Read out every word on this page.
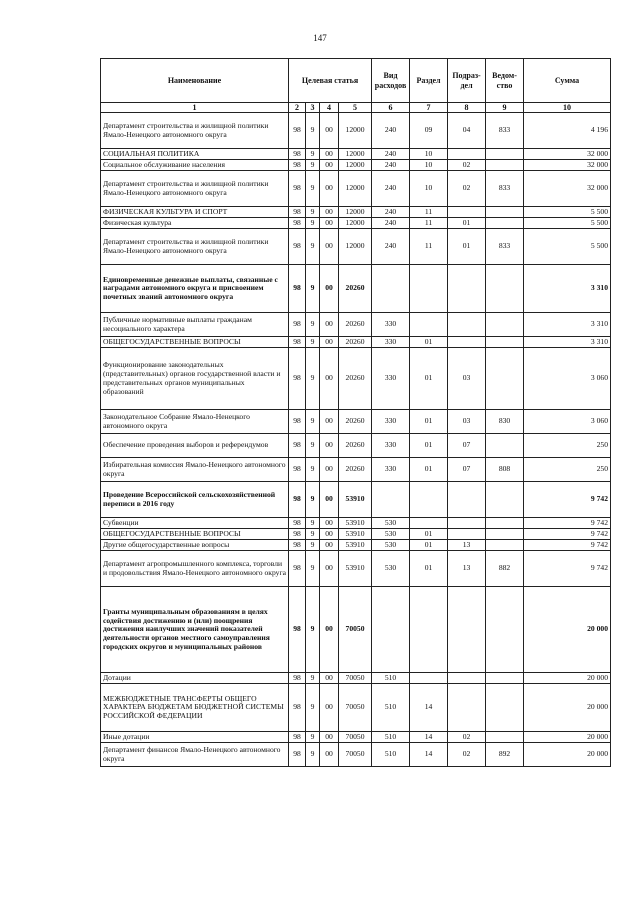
147
Наименование	Целевая статья				Вид расходов	Раздел	Подраз-дел	Ведом-ство	Сумма
1	2	3	4	5	6	7	8	9	10
Департамент строительства и жилищной политики Ямало-Ненецкого автономного округа	98	9	00	12000	240	09	04	833	4 196
СОЦИАЛЬНАЯ ПОЛИТИКА	98	9	00	12000	240	10			32 000
Социальное обслуживание населения	98	9	00	12000	240	10	02		32 000
Департамент строительства и жилищной политики Ямало-Ненецкого автономного округа	98	9	00	12000	240	10	02	833	32 000
ФИЗИЧЕСКАЯ КУЛЬТУРА И СПОРТ	98	9	00	12000	240	11			5 500
Физическая культура	98	9	00	12000	240	11	01		5 500
Департамент строительства и жилищной политики Ямало-Ненецкого автономного округа	98	9	00	12000	240	11	01	833	5 500
Единовременные денежные выплаты, связанные с наградами автономного округа и присвоением почетных званий автономного округа	98	9	00	20260					3 310
Публичные нормативные выплаты гражданам несоциального характера	98	9	00	20260	330				3 310
ОБЩЕГОСУДАРСТВЕННЫЕ ВОПРОСЫ	98	9	00	20260	330	01			3 310
Функционирование законодательных (представительных) органов государственной власти и представительных органов муниципальных образований	98	9	00	20260	330	01	03		3 060
Законодательное Собрание Ямало-Ненецкого автономного округа	98	9	00	20260	330	01	03	830	3 060
Обеспечение проведения выборов и референдумов	98	9	00	20260	330	01	07		250
Избирательная комиссия Ямало-Ненецкого автономного округа	98	9	00	20260	330	01	07	808	250
Проведение Всероссийской сельскохозяйственной переписи в 2016 году	98	9	00	53910					9 742
Субвенции	98	9	00	53910	530				9 742
ОБЩЕГОСУДАРСТВЕННЫЕ ВОПРОСЫ	98	9	00	53910	530	01			9 742
Другие общегосударственные вопросы	98	9	00	53910	530	01	13		9 742
Департамент агропромышленного комплекса, торговли и продовольствия Ямало-Ненецкого автономного округа	98	9	00	53910	530	01	13	882	9 742
Гранты муниципальным образованиям в целях содействия достижению и (или) поощрения достижения наилучших значений показателей деятельности органов местного самоуправления городских округов и муниципальных районов	98	9	00	70050					20 000
Дотации	98	9	00	70050	510				20 000
МЕЖБЮДЖЕТНЫЕ ТРАНСФЕРТЫ ОБЩЕГО ХАРАКТЕРА БЮДЖЕТАМ БЮДЖЕТНОЙ СИСТЕМЫ РОССИЙСКОЙ ФЕДЕРАЦИИ	98	9	00	70050	510	14			20 000
Иные дотации	98	9	00	70050	510	14	02		20 000
Департамент финансов Ямало-Ненецкого автономного округа	98	9	00	70050	510	14	02	892	20 000
